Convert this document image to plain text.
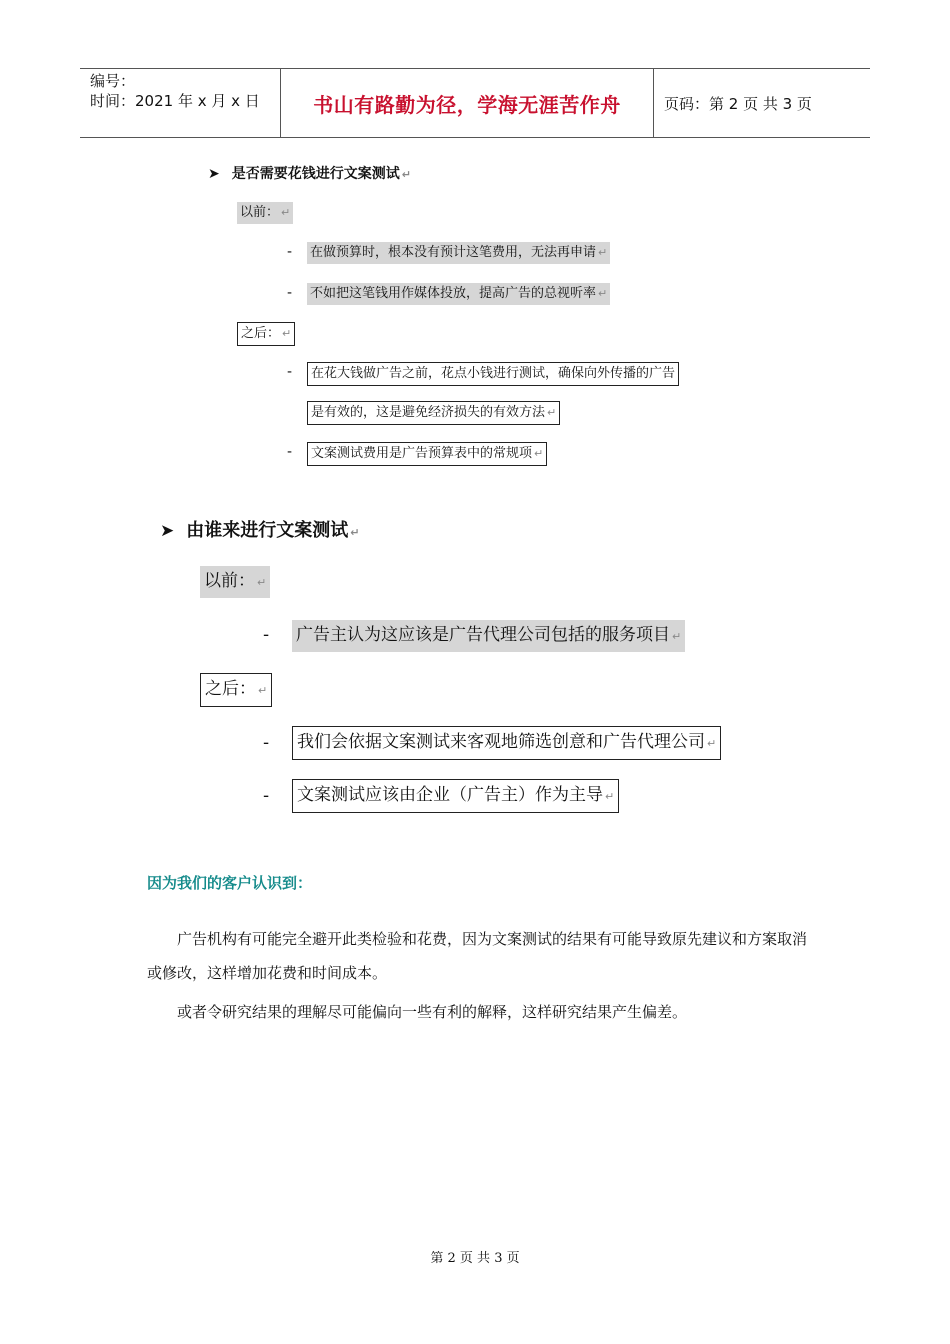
编号：
时间：2021 年 x 月 x 日	书山有路勤为径，学海无涯苦作舟	页码：第 2 页 共 3 页
➤ 是否需要花钱进行文案测试 ↵
以前： ↵
- 在做预算时，根本没有预计这笔费用，无法再申请 ↵
- 不如把这笔钱用作媒体投放，提高广告的总视听率 ↵
之后： ↵
-	在花大钱做广告之前，花点小钱进行测试，确保向外传播的广告
是有效的，这是避免经济损失的有效方法 ↵
-	文案测试费用是广告预算表中的常规项 ↵
➤ 由谁来进行文案测试 ↵
以前： ↵
- 广告主认为这应该是广告代理公司包括的服务项目 ↵
之后： ↵
- 我们会依据文案测试来客观地筛选创意和广告代理公司 ↵
- 文案测试应该由企业（广告主）作为主导 ↵
因为我们的客户认识到：
广告机构有可能完全避开此类检验和花费，因为文案测试的结果有可能导致原先建议和方案取消或修改，这样增加花费和时间成本。
或者令研究结果的理解尽可能偏向一些有利的解释，这样研究结果产生偏差。
第 2 页 共 3 页
